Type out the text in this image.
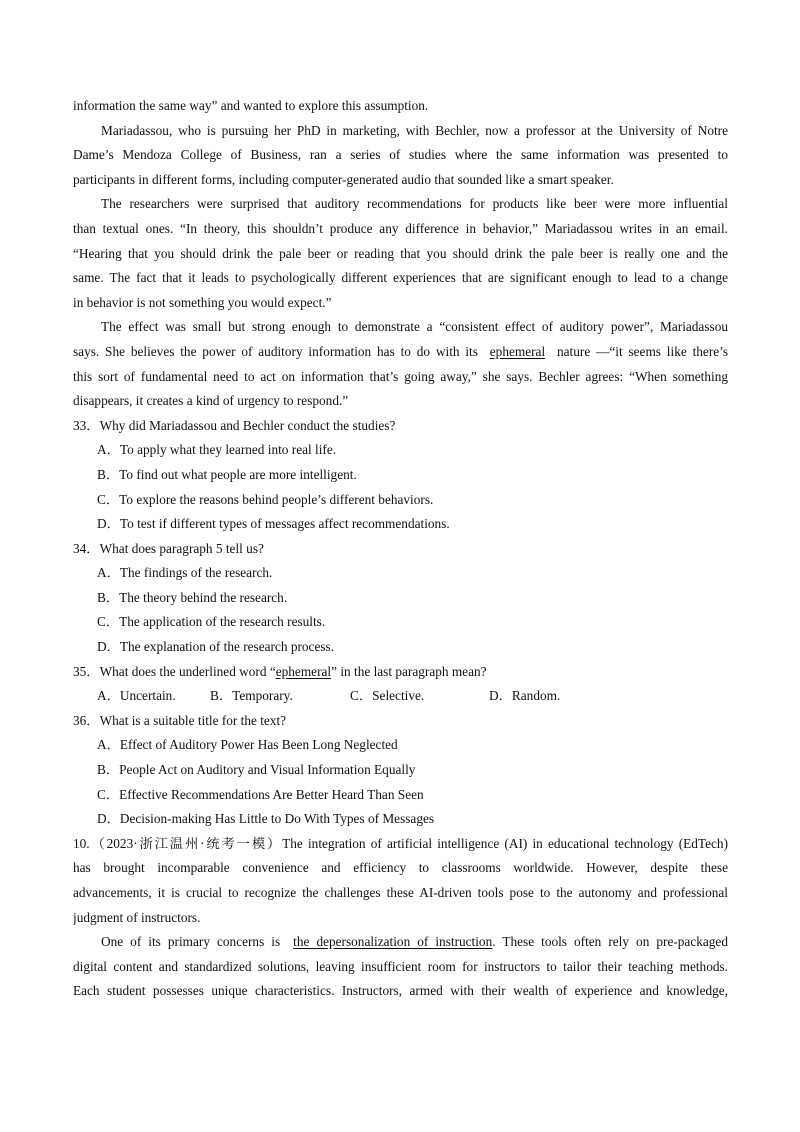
information the same way” and wanted to explore this assumption.
Mariadassou, who is pursuing her PhD in marketing, with Bechler, now a professor at the University of Notre
Dame’s Mendoza College of Business, ran a series of studies where the same information was presented to
participants in different forms, including computer-generated audio that sounded like a smart speaker.
The researchers were surprised that auditory recommendations for products like beer were more influential
than textual ones. “In theory, this shouldn’t produce any difference in behavior,” Mariadassou writes in an email.
“Hearing that you should drink the pale beer or reading that you should drink the pale beer is really one and the
same. The fact that it leads to psychologically different experiences that are significant enough to lead to a change
in behavior is not something you would expect.”
The effect was small but strong enough to demonstrate a “consistent effect of auditory power”, Mariadassou
says. She believes the power of auditory information has to do with its ephemeral nature —“it seems like there’s
this sort of fundamental need to act on information that’s going away,” she says. Bechler agrees: “When something
disappears, it creates a kind of urgency to respond.”
33．Why did Mariadassou and Bechler conduct the studies?
A．To apply what they learned into real life.
B．To find out what people are more intelligent.
C．To explore the reasons behind people’s different behaviors.
D．To test if different types of messages affect recommendations.
34．What does paragraph 5 tell us?
A．The findings of the research.
B．The theory behind the research.
C．The application of the research results.
D．The explanation of the research process.
35．What does the underlined word “ephemeral” in the last paragraph mean?
A．Uncertain.	B．Temporary.	C．Selective.	D．Random.
36．What is a suitable title for the text?
A．Effect of Auditory Power Has Been Long Neglected
B．People Act on Auditory and Visual Information Equally
C．Effective Recommendations Are Better Heard Than Seen
D．Decision-making Has Little to Do With Types of Messages
10.（2023·浙江温州·统考一模）The integration of artificial intelligence (AI) in educational technology (EdTech)
has brought incomparable convenience and efficiency to classrooms worldwide. However, despite these
advancements, it is crucial to recognize the challenges these AI-driven tools pose to the autonomy and professional
judgment of instructors.
One of its primary concerns is the depersonalization of instruction. These tools often rely on pre-packaged
digital content and standardized solutions, leaving insufficient room for instructors to tailor their teaching methods.
Each student possesses unique characteristics. Instructors, armed with their wealth of experience and knowledge,
